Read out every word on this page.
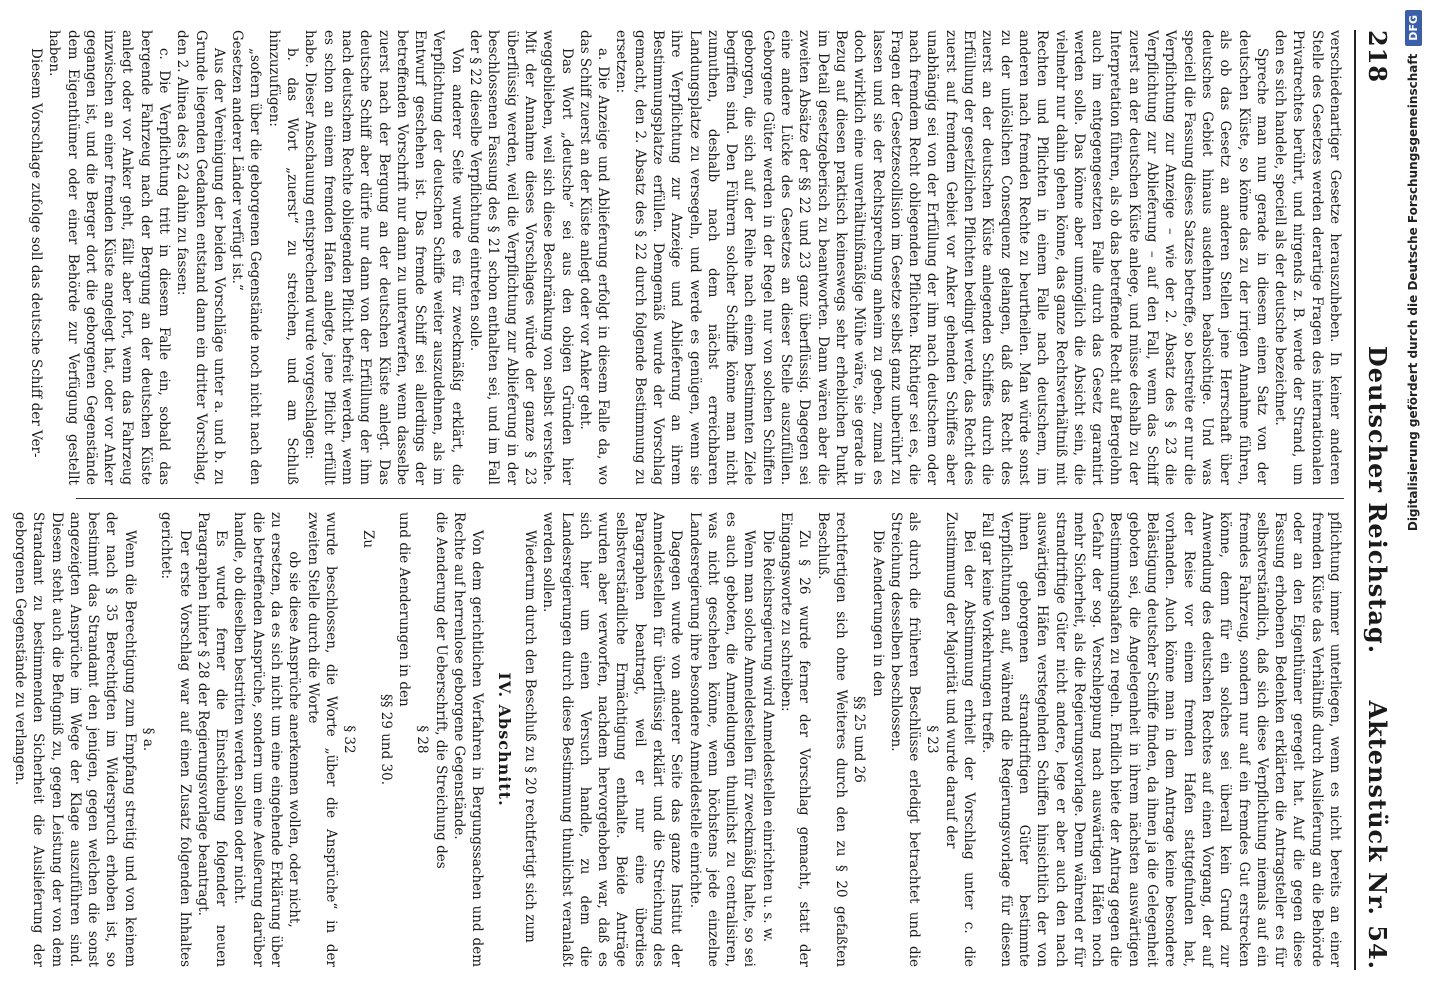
218
Deutscher Reichstag.
Aktenstück Nr. 54.

verschiedenartiger Gesetze herauszuheben. In keiner anderen Stelle des Gesetzes werden derartige Fragen des internationalen Privatrechtes berührt, und nirgends z. B. werde der Strand, um den es sich handele, speciell als der deutsche bezeichnet.

Spreche man nun gerade in diesem einen Satz von der deutschen Küste, so könne das zu der irrigen Annahme führen, als ob das Gesetz an anderen Stellen jene Herrschaft über deutsches Gebiet hinaus ausdehnen beabsichtige. Und was speciell die Fassung dieses Satzes betreffe, so bestreite er nur die Verpflichtung zur Anzeige – wie der 2. Absatz des § 23 die Verpflichtung zur Ablieferung – auf den Fall, wenn das Schiff zuerst an der deutschen Küste anlege, und müsse deshalb zu der Interpretation führen, als ob das betreffende Recht auf Bergelohn auch im entgegengesetzten Falle durch das Gesetz garantirt werden solle. Das könne aber unmöglich die Absicht sein, die vielmehr nur dahin gehen könne, das ganze Rechtsverhältniß mit Rechten und Pflichten in einem Falle nach deutschem, im anderen nach fremden Rechte zu beurtheilen. Man würde sonst zu der unlöslichen Consequenz gelangen, daß das Recht des zuerst an der deutschen Küste anlegenden Schiffes durch die Erfüllung der gesetzlichen Pflichten bedingt werde, das Recht des zuerst auf fremdem Gebiet vor Anker gehenden Schiffes aber unabhängig sei von der Erfüllung der ihm nach deutschem oder nach fremdem Recht obliegenden Pflichten. Richtiger sei es, die Fragen der Gesetzescollision im Gesetze selbst ganz unberührt zu lassen und sie der Rechtsprechung anheim zu geben, zumal es doch wirklich eine unverhältnißmäßige Mühe wäre, sie gerade in Bezug auf diesen praktisch keineswegs sehr erheblichen Punkt im Detail gesetzgeberisch zu beantworten. Dann wären aber die zweiten Absätze der §§ 22 und 23 ganz überflüssig. Dagegen sei eine andere Lücke des Gesetzes an dieser Stelle auszufüllen. Geborgene Güter werden in der Regel nur von solchen Schiffen geborgen, die sich auf der Reihe nach einem bestimmten Ziele begriffen sind. Den Führern solcher Schiffe könne man nicht zumuthen, deshalb nach dem nächst erreichbaren Landungsplatze zu versegeln, und werde es genügen, wenn sie ihre Verpflichtung zur Anzeige und Ablieferung an ihrem Bestimmungsplatze erfüllen. Demgemäß wurde der Vorschlag gemacht, den 2. Absatz des § 22 durch folgende Bestimmung zu ersetzen:

a. Die Anzeige und Ablieferung erfolgt in diesem Falle da, wo das Schiff zuerst an der Küste anlegt oder vor Anker geht.

Das Wort „deutsche“ sei aus den obigen Gründen hier weggeblieben, weil sich diese Beschränkung von selbst verstehe. Mit der Annahme dieses Vorschlages würde der ganze § 23 überflüssig werden, weil die Verpflichtung zur Ablieferung in der beschlossenen Fassung des § 21 schon enthalten sei, und im Fall der § 22 dieselbe Verpflichtung eintreten solle.

Von anderer Seite wurde es für zweckmäßig erklärt, die Verpflichtung der deutschen Schiffe weiter auszudehnen, als im Entwurf geschehen ist. Das fremde Schiff sei allerdings der betreffenden Vorschrift nur dann zu unterwerfen, wenn dasselbe zuerst nach der Bergung an der deutschen Küste anlegt. Das deutsche Schiff aber dürfe nur dann von der Erfüllung der ihm nach deutschem Rechte obliegenden Pflicht befreit werden, wenn es schon an einem fremden Hafen anlegte, jene Pflicht erfüllt habe. Dieser Anschauung entsprechend wurde vorgeschlagen:

b. das Wort „zuerst“ zu streichen, und am Schluß hinzuzufügen:

„sofern über die geborgenen Gegenstände noch nicht nach den Gesetzen anderer Länder verfügt ist.“

Aus der Vereinigung der beiden Vorschläge unter a. und b. zu Grunde liegenden Gedanken entstand dann ein dritter Vorschlag, den 2. Alinea des § 22 dahin zu fassen:

c. Die Verpflichtung tritt in diesem Falle ein, sobald das bergende Fahrzeug nach der Bergung an der deutschen Küste anlegt oder vor Anker geht, fällt aber fort, wenn das Fahrzeug inzwischen an einer fremden Küste angelegt hat, oder vor Anker gegangen ist, und die Berger dort die geborgenen Gegenstände dem Eigenthümer oder einer Behörde zur Verfügung gestellt haben.

Diesem Vorschlage zufolge soll das deutsche Schiff der Ver-

pflichtung immer unterliegen, wenn es nicht bereits an einer fremden Küste das Verhältniß durch Auslieferung an die Behörde oder an den Eigenthümer geregelt hat. Auf die gegen diese Fassung erhobenen Bedenken erklärten die Antragsteller es für selbstverständlich, daß sich diese Verpflichtung niemals auf ein fremdes Fahrzeug, sondern nur auf ein fremdes Gut erstrecken könne, denn für ein solches sei überall kein Grund zur Anwendung des deutschen Rechtes auf einen Vorgang, der auf der Reise vor einem fremden Hafen stattgefunden hat, vorhanden. Auch könne man in dem Antrage keine besondere Belästigung deutscher Schiffe finden, da ihnen ja die Gelegenheit geboten sei, die Angelegenheit in ihrem nächsten auswärtigen Bestimmungshafen zu regeln. Endlich biete der Antrag gegen die Gefahr der sog. Verschleppung nach auswärtigen Häfen noch mehr Sicherheit, als die Regierungsvorlage. Denn während er für strandtriftige Güter nicht andere, lege er aber auch den nach auswärtigen Häfen verstegelnden Schiffen hinsichtlich der von ihnen geborgenen strandtriftigen Güter bestimmte Verpflichtungen auf, während die Regierungsvorlage für diesen Fall gar keine Vorkehrungen treffe.

Bei der Abstimmung erhielt der Vorschlag unter c. die Zustimmung der Majorität und wurde darauf der

§ 23

als durch die früheren Beschlüsse erledigt betrachtet und die Streichung desselben beschlossen.

Die Aenderungen in den

§§ 25 und 26

rechtfertigen sich ohne Weiteres durch den zu § 20 gefaßten Beschluß.

Zu § 26 wurde ferner der Vorschlag gemacht, statt der Eingangsworte zu schreiben:

Die Reichsregierung wird Anmeldestellen einrichten u. s. w.

Wenn man solche Anmeldestellen für zweckmäßig halte, so sei es auch geboten, die Anmeldungen thunlichst zu centralisiren, was nicht geschehen könne, wenn höchstens jede einzelne Landesregierung ihre besondere Anmeldestelle einrichte.

Dagegen wurde von anderer Seite das ganze Institut der Anmeldestellen für überflüssig erklärt und die Streichung des Paragraphen beantragt, weil er nur eine überdies selbstverständliche Ermächtigung enthalte. Beide Anträge wurden aber verworfen, nachdem hervorgehoben war, daß es sich hier um einen Versuch handle, zu dem die Landesregierungen durch diese Bestimmung thunlichst veranlaßt werden sollen.

Wiederum durch den Beschluß zu § 20 rechtfertigt sich zum

IV. Abschnitt.

Von dem gerichtlichen Verfahren in Bergungssachen und dem Rechte auf herrenlose geborgene Gegenstände.

die Aenderung der Ueberschrift, die Streichung des

§ 28

und die Aenderungen in den

§§ 29 und 30.

Zu

§ 32

wurde beschlossen, die Worte „über die Ansprüche“ in der zweiten Stelle durch die Worte

ob sie diese Ansprüche anerkennen wollen, oder nicht,

zu ersetzen, da es sich nicht um eine eingehende Erklärung über die betreffenden Ansprüche, sondern um eine Aeußerung darüber handle, ob dieselben bestritten werden sollen oder nicht.

Es wurde ferner die Einschiebung folgender neuen Paragraphen hinter § 28 der Regierungsvorlage beantragt.

Der erste Vorschlag war auf einen Zusatz folgenden Inhaltes gerichtet:

§ a.

Wenn die Berechtigung zum Empfang streitig und von keinem der nach § 35 Berechtigten im Widerspruch erhoben ist, so bestimmt das Strandamt den jenigen, gegen welchen die sonst angezeigten Ansprüche im Wege der Klage auszuführen sind. Diesem steht auch die Befugniß zu, gegen Leistung der von dem Strandamt zu bestimmenden Sicherheit die Auslieferung der geborgenen Gegenstände zu verlangen.

Digitalisierung gefördert durch die Deutsche Forschungsgemeinschaft
DFG
